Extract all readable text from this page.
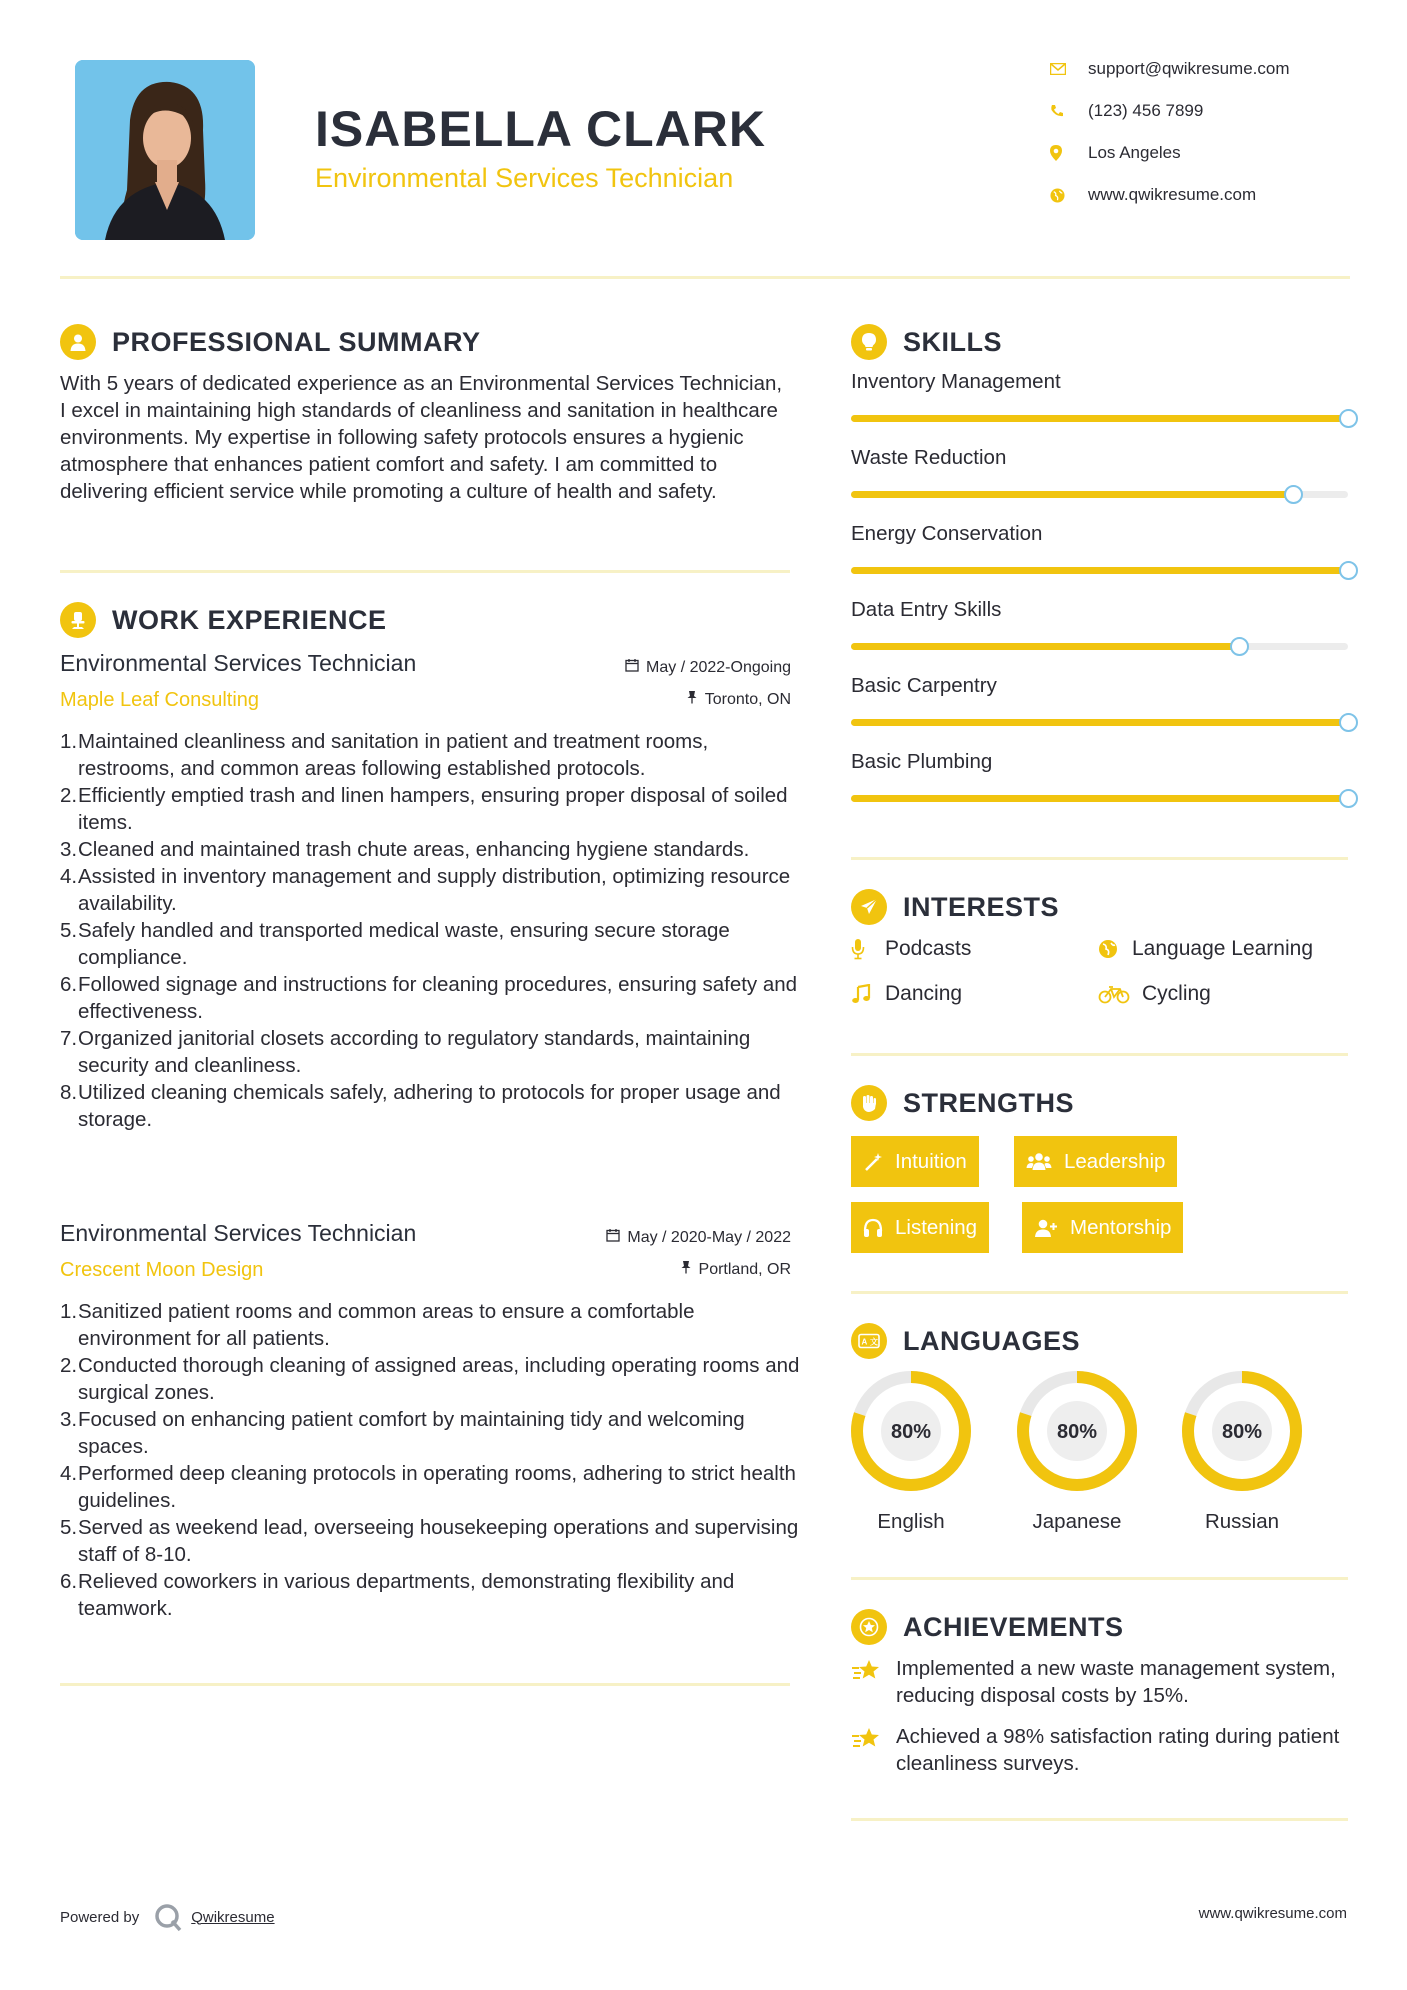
ISABELLA CLARK
Environmental Services Technician
support@qwikresume.com
(123) 456 7899
Los Angeles
www.qwikresume.com
PROFESSIONAL SUMMARY
With 5 years of dedicated experience as an Environmental Services Technician, I excel in maintaining high standards of cleanliness and sanitation in healthcare environments. My expertise in following safety protocols ensures a hygienic atmosphere that enhances patient comfort and safety. I am committed to delivering efficient service while promoting a culture of health and safety.
WORK EXPERIENCE
Environmental Services Technician
Maple Leaf Consulting
May / 2022-Ongoing
Toronto, ON
1. Maintained cleanliness and sanitation in patient and treatment rooms, restrooms, and common areas following established protocols.
2. Efficiently emptied trash and linen hampers, ensuring proper disposal of soiled items.
3. Cleaned and maintained trash chute areas, enhancing hygiene standards.
4. Assisted in inventory management and supply distribution, optimizing resource availability.
5. Safely handled and transported medical waste, ensuring secure storage compliance.
6. Followed signage and instructions for cleaning procedures, ensuring safety and effectiveness.
7. Organized janitorial closets according to regulatory standards, maintaining security and cleanliness.
8. Utilized cleaning chemicals safely, adhering to protocols for proper usage and storage.
Environmental Services Technician
Crescent Moon Design
May / 2020-May / 2022
Portland, OR
1. Sanitized patient rooms and common areas to ensure a comfortable environment for all patients.
2. Conducted thorough cleaning of assigned areas, including operating rooms and surgical zones.
3. Focused on enhancing patient comfort by maintaining tidy and welcoming spaces.
4. Performed deep cleaning protocols in operating rooms, adhering to strict health guidelines.
5. Served as weekend lead, overseeing housekeeping operations and supervising staff of 8-10.
6. Relieved coworkers in various departments, demonstrating flexibility and teamwork.
SKILLS
Inventory Management
Waste Reduction
Energy Conservation
Data Entry Skills
Basic Carpentry
Basic Plumbing
INTERESTS
Podcasts	Language Learning
Dancing	Cycling
STRENGTHS
Intuition	Leadership
Listening	Mentorship
A 文 LANGUAGES
80%
English
80%
Japanese
80%
Russian
ACHIEVEMENTS
Implemented a new waste management system, reducing disposal costs by 15%.
Achieved a 98% satisfaction rating during patient cleanliness surveys.
Powered by	Qwikresume	www.qwikresume.com
